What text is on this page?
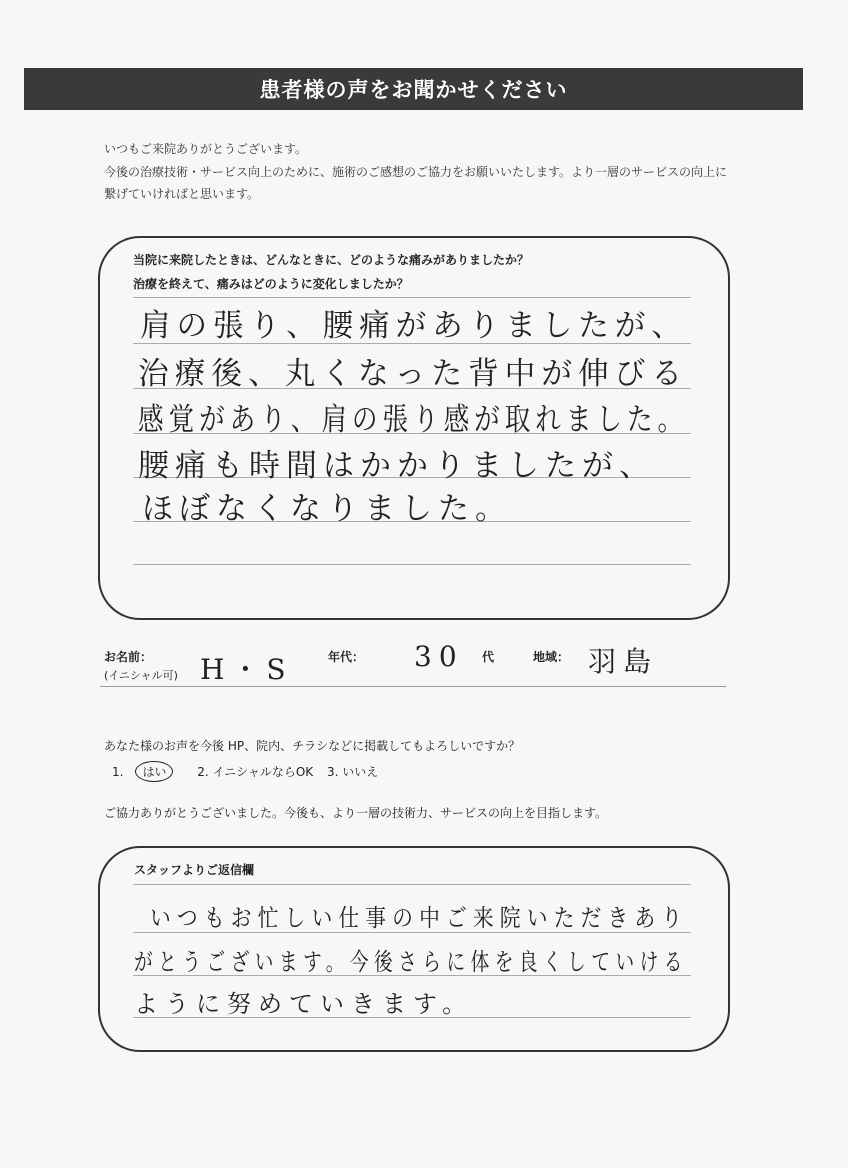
患者様の声をお聞かせください
いつもご来院ありがとうございます。
今後の治療技術・サービス向上のために、施術のご感想のご協力をお願いいたします。より一層のサービスの向上に
繋げていければと思います。
当院に来院したときは、どんなときに、どのような痛みがありましたか？
治療を終えて、痛みはどのように変化しましたか？
肩の張り、腰痛がありましたが、
治療後、丸くなった背中が伸びる
感覚があり、肩の張り感が取れました。
腰痛も時間はかかりましたが、
ほぼなくなりました。
お名前：
(イニシャル可) H・S	年代： 30 代	地域： 羽島
あなた様のお声を今後 HP、院内、チラシなどに掲載してもよろしいですか？
1. はい	2. イニシャルならOK 3. いいえ
ご協力ありがとうございました。今後も、より一層の技術力、サービスの向上を目指します。
スタッフよりご返信欄
いつもお忙しい仕事の中ご来院いただきあり
がとうございます。今後さらに体を良くしていける
ように努めていきます。
